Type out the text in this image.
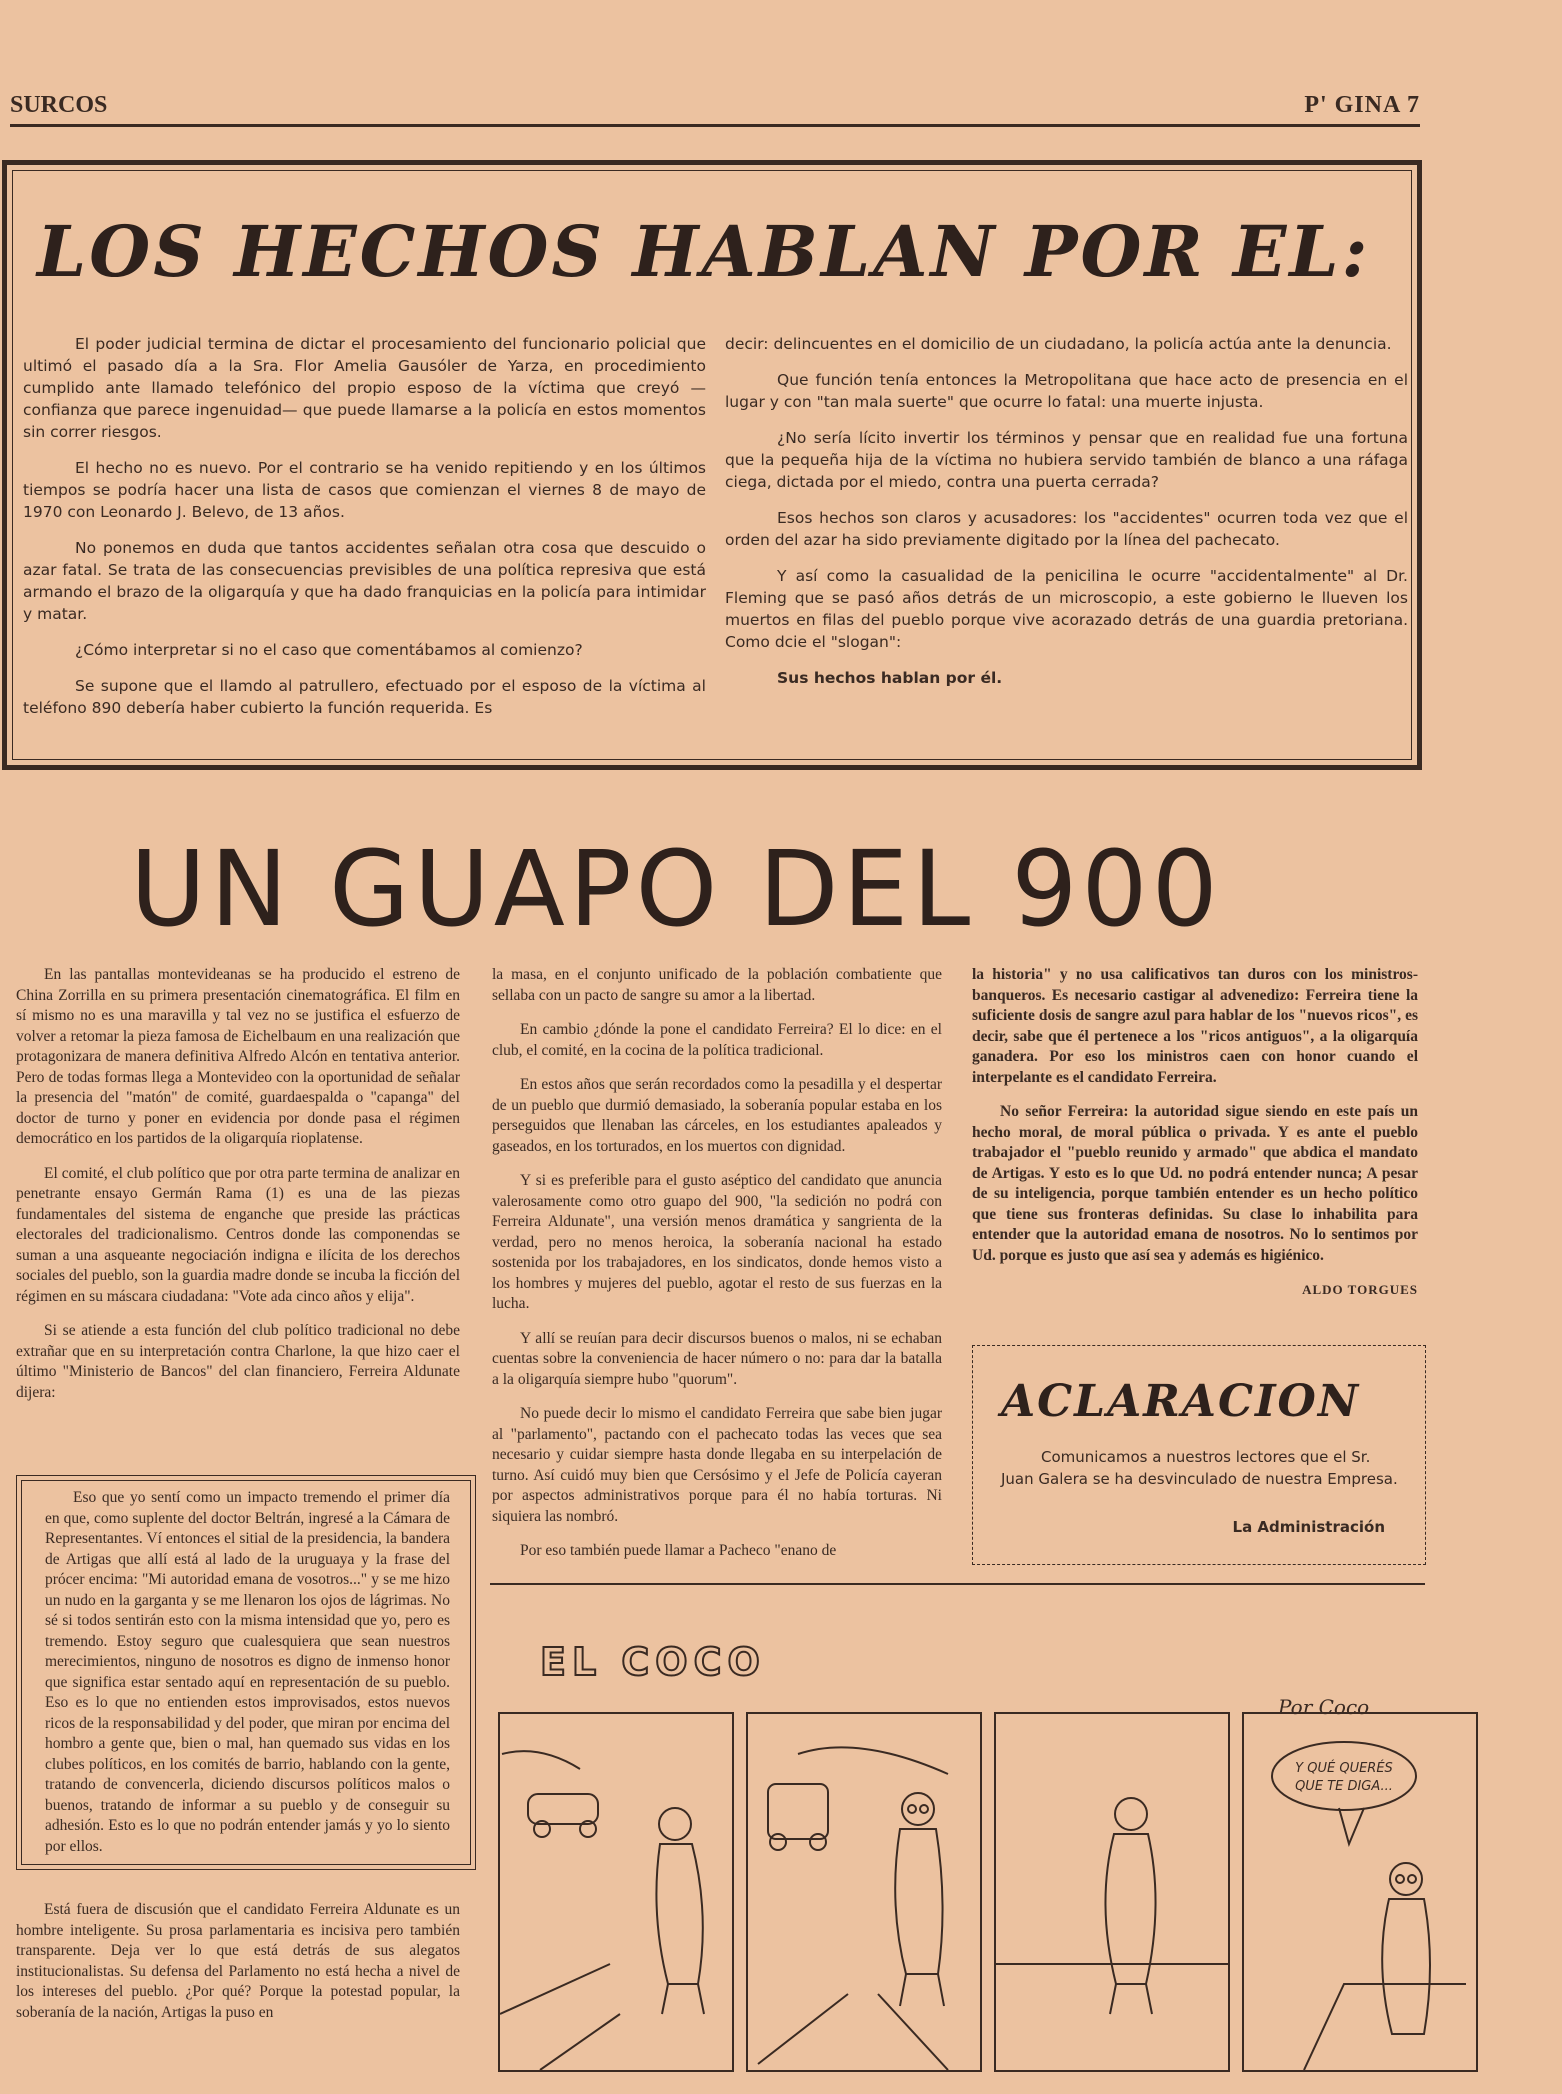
SURCOS	P' GINA 7
LOS HECHOS HABLAN POR EL:

El poder judicial termina de dictar el procesamiento del funcionario policial que ultimó el pasado día a la Sra. Flor Amelia Gausóler de Yarza, en procedimiento cumplido ante llamado telefónico del propio esposo de la víctima que creyó —confianza que parece ingenuidad— que puede llamarse a la policía en estos momentos sin correr riesgos.

El hecho no es nuevo. Por el contrario se ha venido repitiendo y en los últimos tiempos se podría hacer una lista de casos que comienzan el viernes 8 de mayo de 1970 con Leonardo J. Belevo, de 13 años.

No ponemos en duda que tantos accidentes señalan otra cosa que descuido o azar fatal. Se trata de las consecuencias previsibles de una política represiva que está armando el brazo de la oligarquía y que ha dado franquicias en la policía para intimidar y matar.

¿Cómo interpretar si no el caso que comentábamos al comienzo?

Se supone que el llamdo al patrullero, efectuado por el esposo de la víctima al teléfono 890 debería haber cubierto la función requerida. Es

decir: delincuentes en el domicilio de un ciudadano, la policía actúa ante la denuncia.

Que función tenía entonces la Metropolitana que hace acto de presencia en el lugar y con "tan mala suerte" que ocurre lo fatal: una muerte injusta.

¿No sería lícito invertir los términos y pensar que en realidad fue una fortuna que la pequeña hija de la víctima no hubiera servido también de blanco a una ráfaga ciega, dictada por el miedo, contra una puerta cerrada?

Esos hechos son claros y acusadores: los "accidentes" ocurren toda vez que el orden del azar ha sido previamente digitado por la línea del pachecato.

Y así como la casualidad de la penicilina le ocurre "accidentalmente" al Dr. Fleming que se pasó años detrás de un microscopio, a este gobierno le llueven los muertos en filas del pueblo porque vive acorazado detrás de una guardia pretoriana. Como dcie el "slogan":

Sus hechos hablan por él.

UN GUAPO DEL 900

En las pantallas montevideanas se ha producido el estreno de China Zorrilla en su primera presentación cinematográfica. El film en sí mismo no es una maravilla y tal vez no se justifica el esfuerzo de volver a retomar la pieza famosa de Eichelbaum en una realización que protagonizara de manera definitiva Alfredo Alcón en tentativa anterior. Pero de todas formas llega a Montevideo con la oportunidad de señalar la presencia del "matón" de comité, guardaespalda o "capanga" del doctor de turno y poner en evidencia por donde pasa el régimen democrático en los partidos de la oligarquía rioplatense.

El comité, el club político que por otra parte termina de analizar en penetrante ensayo Germán Rama (1) es una de las piezas fundamentales del sistema de enganche que preside las prácticas electorales del tradicionalismo. Centros donde las componendas se suman a una asqueante negociación indigna e ilícita de los derechos sociales del pueblo, son la guardia madre donde se incuba la ficción del régimen en su máscara ciudadana: "Vote ada cinco años y elija".

Si se atiende a esta función del club político tradicional no debe extrañar que en su interpretación contra Charlone, la que hizo caer el último "Ministerio de Bancos" del clan financiero, Ferreira Aldunate dijera:

Eso que yo sentí como un impacto tremendo el primer día en que, como suplente del doctor Beltrán, ingresé a la Cámara de Representantes. Ví entonces el sitial de la presidencia, la bandera de Artigas que allí está al lado de la uruguaya y la frase del prócer encima: "Mi autoridad emana de vosotros..." y se me hizo un nudo en la garganta y se me llenaron los ojos de lágrimas. No sé si todos sentirán esto con la misma intensidad que yo, pero es tremendo. Estoy seguro que cualesquiera que sean nuestros merecimientos, ninguno de nosotros es digno de inmenso honor que significa estar sentado aquí en representación de su pueblo. Eso es lo que no entienden estos improvisados, estos nuevos ricos de la responsabilidad y del poder, que miran por encima del hombro a gente que, bien o mal, han quemado sus vidas en los clubes políticos, en los comités de barrio, hablando con la gente, tratando de convencerla, diciendo discursos políticos malos o buenos, tratando de informar a su pueblo y de conseguir su adhesión. Esto es lo que no podrán entender jamás y yo lo siento por ellos.

Está fuera de discusión que el candidato Ferreira Aldunate es un hombre inteligente. Su prosa parlamentaria es incisiva pero también transparente. Deja ver lo que está detrás de sus alegatos institucionalistas. Su defensa del Parlamento no está hecha a nivel de los intereses del pueblo. ¿Por qué? Porque la potestad popular, la soberanía de la nación, Artigas la puso en

la masa, en el conjunto unificado de la población combatiente que sellaba con un pacto de sangre su amor a la libertad.

En cambio ¿dónde la pone el candidato Ferreira? El lo dice: en el club, el comité, en la cocina de la política tradicional.

En estos años que serán recordados como la pesadilla y el despertar de un pueblo que durmió demasiado, la soberanía popular estaba en los perseguidos que llenaban las cárceles, en los estudiantes apaleados y gaseados, en los torturados, en los muertos con dignidad.

Y si es preferible para el gusto aséptico del candidato que anuncia valerosamente como otro guapo del 900, "la sedición no podrá con Ferreira Aldunate", una versión menos dramática y sangrienta de la verdad, pero no menos heroica, la soberanía nacional ha estado sostenida por los trabajadores, en los sindicatos, donde hemos visto a los hombres y mujeres del pueblo, agotar el resto de sus fuerzas en la lucha.

Y allí se reuían para decir discursos buenos o malos, ni se echaban cuentas sobre la conveniencia de hacer número o no: para dar la batalla a la oligarquía siempre hubo "quorum".

No puede decir lo mismo el candidato Ferreira que sabe bien jugar al "parlamento", pactando con el pachecato todas las veces que sea necesario y cuidar siempre hasta donde llegaba en su interpelación de turno. Así cuidó muy bien que Cersósimo y el Jefe de Policía cayeran por aspectos administrativos porque para él no había torturas. Ni siquiera las nombró.

Por eso también puede llamar a Pacheco "enano de

la historia" y no usa calificativos tan duros con los ministros-banqueros. Es necesario castigar al advenedizo: Ferreira tiene la suficiente dosis de sangre azul para hablar de los "nuevos ricos", es decir, sabe que él pertenece a los "ricos antiguos", a la oligarquía ganadera. Por eso los ministros caen con honor cuando el interpelante es el candidato Ferreira.

No señor Ferreira: la autoridad sigue siendo en este país un hecho moral, de moral pública o privada. Y es ante el pueblo trabajador el "pueblo reunido y armado" que abdica el mandato de Artigas. Y esto es lo que Ud. no podrá entender nunca; A pesar de su inteligencia, porque también entender es un hecho político que tiene sus fronteras definidas. Su clase lo inhabilita para entender que la autoridad emana de nosotros. No lo sentimos por Ud. porque es justo que así sea y además es higiénico.

ALDO TORGUES
ACLARACION
Comunicamos a nuestros lectores que el Sr. Juan Galera se ha desvinculado de nuestra Empresa.
La Administración
EL COCO
Por Coco
Y QUÉ QUERÉS
QUE TE DIGA...
